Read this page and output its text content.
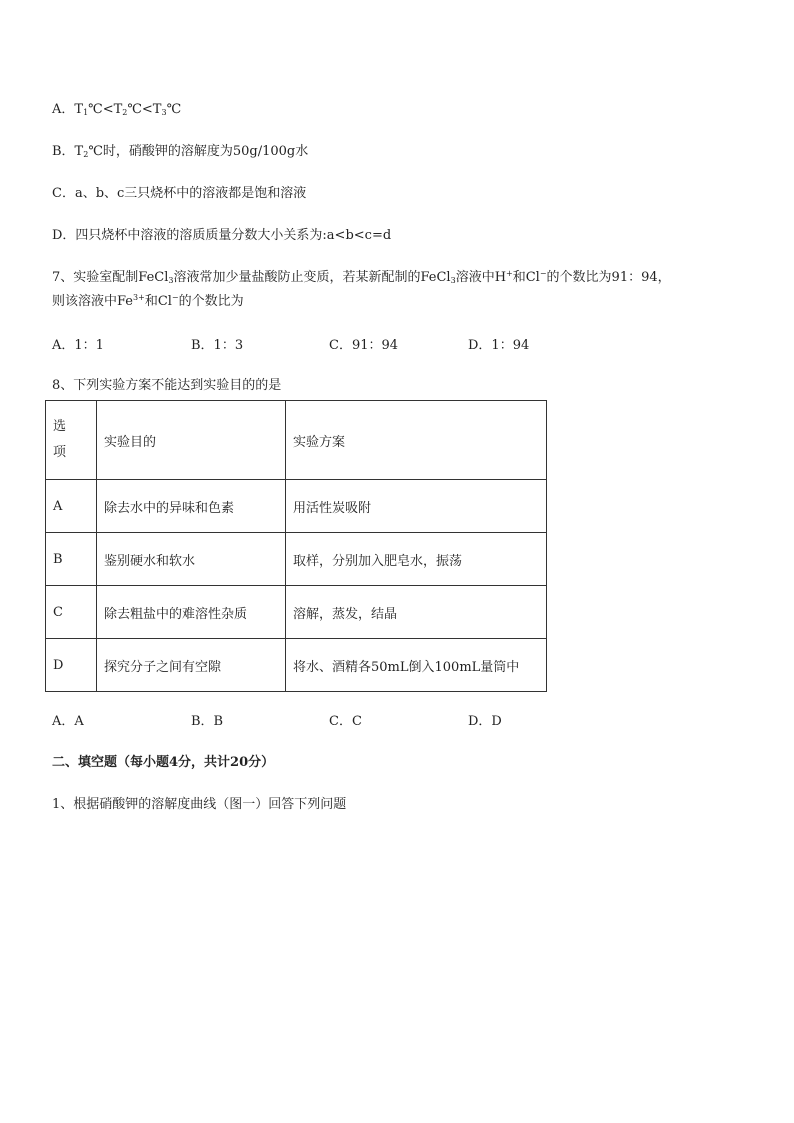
A．$T_1℃<T_2℃<T_3℃$
B．$T_2℃$时，硝酸钾的溶解度为50g/100g水
C．a、b、c三只烧杯中的溶液都是饱和溶液
D．四只烧杯中溶液的溶质质量分数大小关系为:a<b<c=d
7、实验室配制FeCl$_3$溶液常加少量盐酸防止变质，若某新配制的FeCl$_3$溶液中H+和Cl−的个数比为91：94，
则该溶液中$Fe^{3+}$和Cl−的个数比为
A．1：1	B．1：3	C．91：94	D．1：94
8、下列实验方案不能达到实验目的的是
选
项	实验目的	实验方案
A	除去水中的异味和色素	用活性炭吸附
B	鉴别硬水和软水	取样，分别加入肥皂水，振荡
C	除去粗盐中的难溶性杂质	溶解，蒸发，结晶
D	探究分子之间有空隙	将水、酒精各50mL倒入100mL量筒中
A．A	B．B	C．C	D．D
二、填空题（每小题4分，共计20分）
1、根据硝酸钾的溶解度曲线（图一）回答下列问题
